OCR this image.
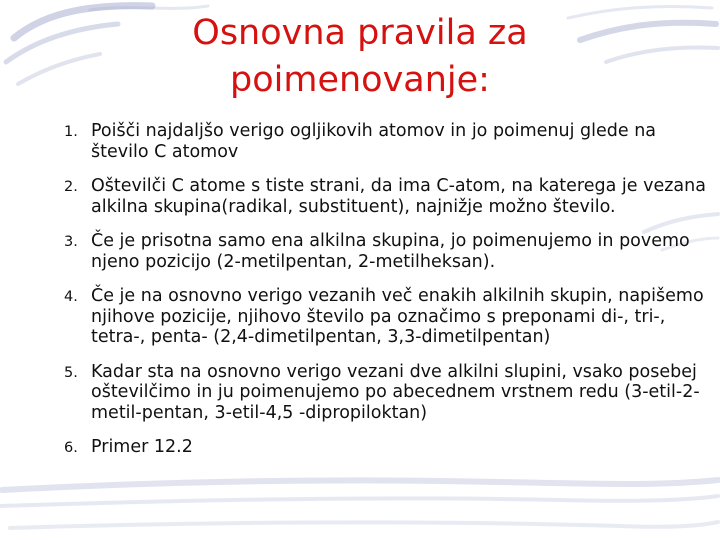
Osnovna pravila za
poimenovanje:
1. Poišči najdaljšo verigo ogljikovih atomov in jo poimenuj glede na število C atomov
2. Oštevilči C atome s tiste strani, da ima C-atom, na katerega je vezana alkilna skupina(radikal, substituent), najnižje možno število.
3. Če je prisotna samo ena alkilna skupina, jo poimenujemo in povemo njeno pozicijo (2-metilpentan, 2-metilheksan).
4. Če je na osnovno verigo vezanih več enakih alkilnih skupin, napišemo njihove pozicije, njihovo število pa označimo s preponami di-, tri-, tetra-, penta- (2,4-dimetilpentan, 3,3-dimetilpentan)
5. Kadar sta na osnovno verigo vezani dve alkilni slupini, vsako posebej oštevilčimo in ju poimenujemo po abecednem vrstnem redu (3-etil-2-metil-pentan, 3-etil-4,5 -dipropiloktan)
6. Primer 12.2
